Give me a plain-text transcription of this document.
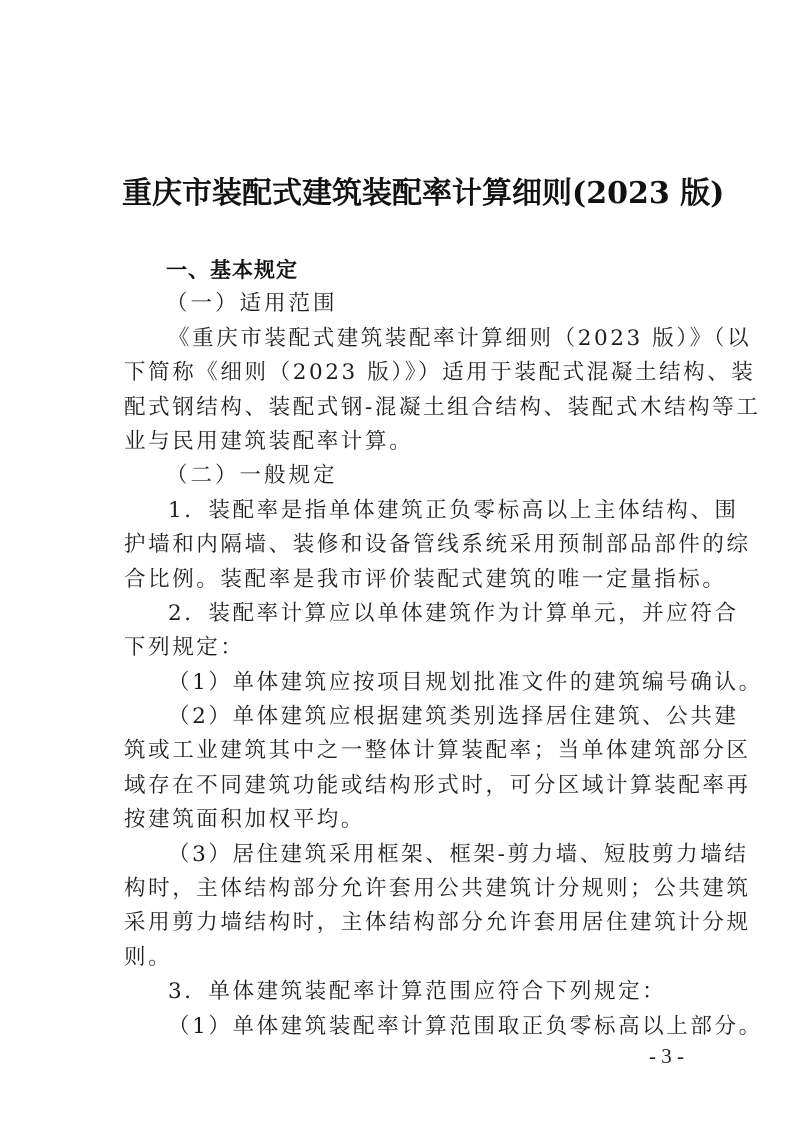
重庆市装配式建筑装配率计算细则(2023 版)
一、基本规定
（一）适用范围
《重庆市装配式建筑装配率计算细则（2023 版）》（以
下简称《细则（2023 版）》）适用于装配式混凝土结构、装
配式钢结构、装配式钢-混凝土组合结构、装配式木结构等工
业与民用建筑装配率计算。
（二）一般规定
1．装配率是指单体建筑正负零标高以上主体结构、围
护墙和内隔墙、装修和设备管线系统采用预制部品部件的综
合比例。装配率是我市评价装配式建筑的唯一定量指标。
2．装配率计算应以单体建筑作为计算单元，并应符合
下列规定：
（1）单体建筑应按项目规划批准文件的建筑编号确认。
（2）单体建筑应根据建筑类别选择居住建筑、公共建
筑或工业建筑其中之一整体计算装配率；当单体建筑部分区
域存在不同建筑功能或结构形式时，可分区域计算装配率再
按建筑面积加权平均。
（3）居住建筑采用框架、框架-剪力墙、短肢剪力墙结
构时，主体结构部分允许套用公共建筑计分规则；公共建筑
采用剪力墙结构时，主体结构部分允许套用居住建筑计分规
则。
3．单体建筑装配率计算范围应符合下列规定：
（1）单体建筑装配率计算范围取正负零标高以上部分。
- 3 -
